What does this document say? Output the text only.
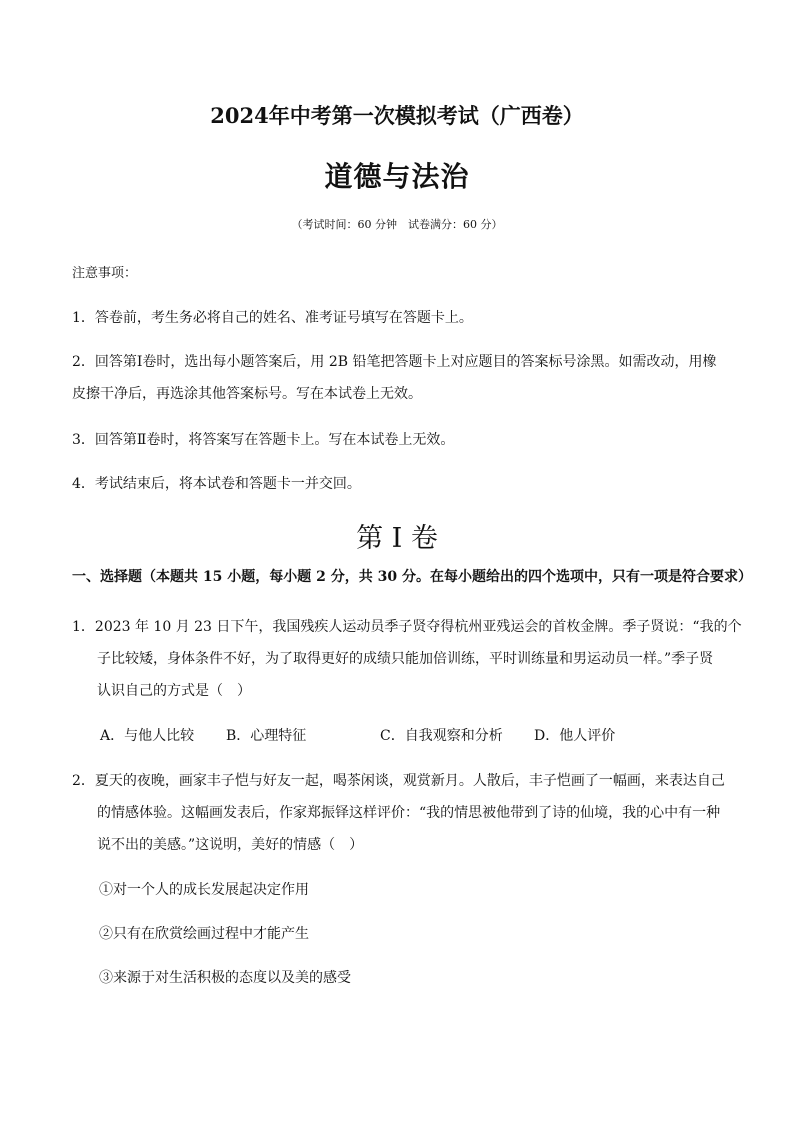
2024年中考第一次模拟考试（广西卷）
道德与法治
（考试时间：60 分钟　试卷满分：60 分）
注意事项：
1．答卷前，考生务必将自己的姓名、准考证号填写在答题卡上。
2．回答第Ⅰ卷时，选出每小题答案后，用 2B 铅笔把答题卡上对应题目的答案标号涂黑。如需改动，用橡
皮擦干净后，再选涂其他答案标号。写在本试卷上无效。
3．回答第Ⅱ卷时，将答案写在答题卡上。写在本试卷上无效。
4．考试结束后，将本试卷和答题卡一并交回。
第 I 卷
一、选择题（本题共 15 小题，每小题 2 分，共 30 分。在每小题给出的四个选项中，只有一项是符合要求）
1．2023 年 10 月 23 日下午，我国残疾人运动员季子贤夺得杭州亚残运会的首枚金牌。季子贤说：“我的个
子比较矮，身体条件不好，为了取得更好的成绩只能加倍训练，平时训练量和男运动员一样。”季子贤
认识自己的方式是（　）
A．与他人比较 B．心理特征	C．自我观察和分析 D．他人评价
2．夏天的夜晚，画家丰子恺与好友一起，喝茶闲谈，观赏新月。人散后，丰子恺画了一幅画，来表达自己
的情感体验。这幅画发表后，作家郑振铎这样评价：“我的情思被他带到了诗的仙境，我的心中有一种
说不出的美感。”这说明，美好的情感（　）
①对一个人的成长发展起决定作用
②只有在欣赏绘画过程中才能产生
③来源于对生活积极的态度以及美的感受
